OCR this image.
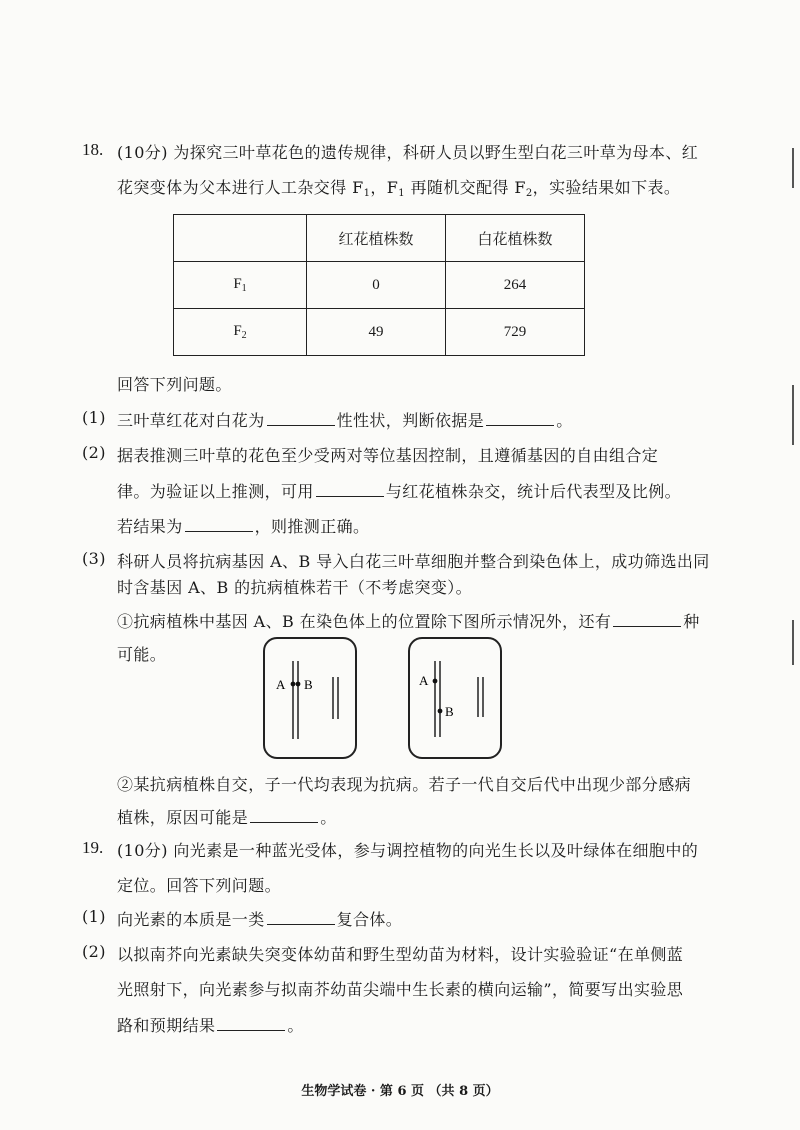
18. (10分) 为探究三叶草花色的遗传规律，科研人员以野生型白花三叶草为母本、红
花突变体为父本进行人工杂交得 $F_1$，$F_1$ 再随机交配得 $F_2$，实验结果如下表。
	红花植株数	白花植株数
$F_1$	0	264
$F_2$	49	729
回答下列问题。
(1) 三叶草红花对白花为	性性状，判断依据是	。
(2) 据表推测三叶草的花色至少受两对等位基因控制，且遵循基因的自由组合定
律。为验证以上推测，可用	与红花植株杂交，统计后代表型及比例。
若结果为	，则推测正确。
(3) 科研人员将抗病基因 A、B 导入白花三叶草细胞并整合到染色体上，成功筛选出同
时含基因 A、B 的抗病植株若干（不考虑突变）。
①抗病植株中基因 A、B 在染色体上的位置除下图所示情况外，还有	种
可能。
A B	A
B
②某抗病植株自交，子一代均表现为抗病。若子一代自交后代中出现少部分感病
植株，原因可能是	。
19. (10分) 向光素是一种蓝光受体，参与调控植物的向光生长以及叶绿体在细胞中的
定位。回答下列问题。
(1) 向光素的本质是一类	复合体。
(2) 以拟南芥向光素缺失突变体幼苗和野生型幼苗为材料，设计实验验证“在单侧蓝
光照射下，向光素参与拟南芥幼苗尖端中生长素的横向运输”，简要写出实验思
路和预期结果	。
生物学试卷 · 第 6 页 （共 8 页）
